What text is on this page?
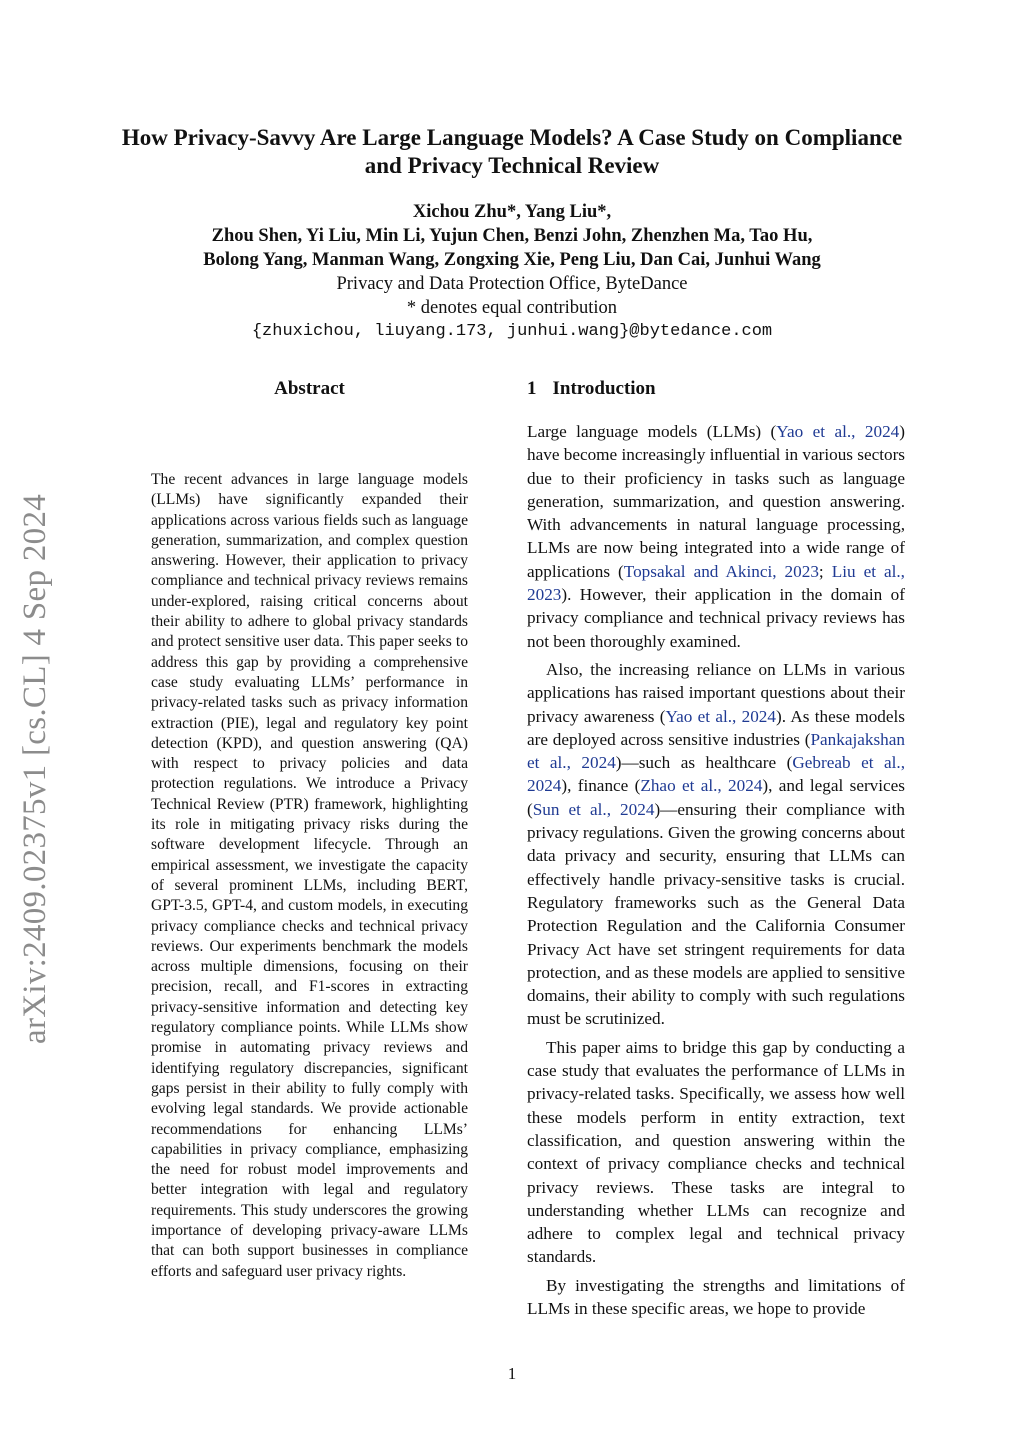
arXiv:2409.02375v1 [cs.CL] 4 Sep 2024
How Privacy-Savvy Are Large Language Models? A Case Study on Compliance and Privacy Technical Review
Xichou Zhu*, Yang Liu*,
Zhou Shen, Yi Liu, Min Li, Yujun Chen, Benzi John, Zhenzhen Ma, Tao Hu,
Bolong Yang, Manman Wang, Zongxing Xie, Peng Liu, Dan Cai, Junhui Wang
Privacy and Data Protection Office, ByteDance
* denotes equal contribution
{zhuxichou, liuyang.173, junhui.wang}@bytedance.com
Abstract
The recent advances in large language models (LLMs) have significantly expanded their applications across various fields such as language generation, summarization, and complex question answering. However, their application to privacy compliance and technical privacy reviews remains under-explored, raising critical concerns about their ability to adhere to global privacy standards and protect sensitive user data. This paper seeks to address this gap by providing a comprehensive case study evaluating LLMs’ performance in privacy-related tasks such as privacy information extraction (PIE), legal and regulatory key point detection (KPD), and question answering (QA) with respect to privacy policies and data protection regulations. We introduce a Privacy Technical Review (PTR) framework, highlighting its role in mitigating privacy risks during the software development lifecycle. Through an empirical assessment, we investigate the capacity of several prominent LLMs, including BERT, GPT-3.5, GPT-4, and custom models, in executing privacy compliance checks and technical privacy reviews. Our experiments benchmark the models across multiple dimensions, focusing on their precision, recall, and F1-scores in extracting privacy-sensitive information and detecting key regulatory compliance points. While LLMs show promise in automating privacy reviews and identifying regulatory discrepancies, significant gaps persist in their ability to fully comply with evolving legal standards. We provide actionable recommendations for enhancing LLMs’ capabilities in privacy compliance, emphasizing the need for robust model improvements and better integration with legal and regulatory requirements. This study underscores the growing importance of developing privacy-aware LLMs that can both support businesses in compliance efforts and safeguard user privacy rights.
1 Introduction

Large language models (LLMs) (Yao et al., 2024) have become increasingly influential in various sectors due to their proficiency in tasks such as language generation, summarization, and question answering. With advancements in natural language processing, LLMs are now being integrated into a wide range of applications (Topsakal and Akinci, 2023; Liu et al., 2023). However, their application in the domain of privacy compliance and technical privacy reviews has not been thoroughly examined.

Also, the increasing reliance on LLMs in various applications has raised important questions about their privacy awareness (Yao et al., 2024). As these models are deployed across sensitive industries (Pankajakshan et al., 2024)—such as healthcare (Gebreab et al., 2024), finance (Zhao et al., 2024), and legal services (Sun et al., 2024)—ensuring their compliance with privacy regulations. Given the growing concerns about data privacy and security, ensuring that LLMs can effectively handle privacy-sensitive tasks is crucial. Regulatory frameworks such as the General Data Protection Regulation and the California Consumer Privacy Act have set stringent requirements for data protection, and as these models are applied to sensitive domains, their ability to comply with such regulations must be scrutinized.

This paper aims to bridge this gap by conducting a case study that evaluates the performance of LLMs in privacy-related tasks. Specifically, we assess how well these models perform in entity extraction, text classification, and question answering within the context of privacy compliance checks and technical privacy reviews. These tasks are integral to understanding whether LLMs can recognize and adhere to complex legal and technical privacy standards.

By investigating the strengths and limitations of LLMs in these specific areas, we hope to provide

1
